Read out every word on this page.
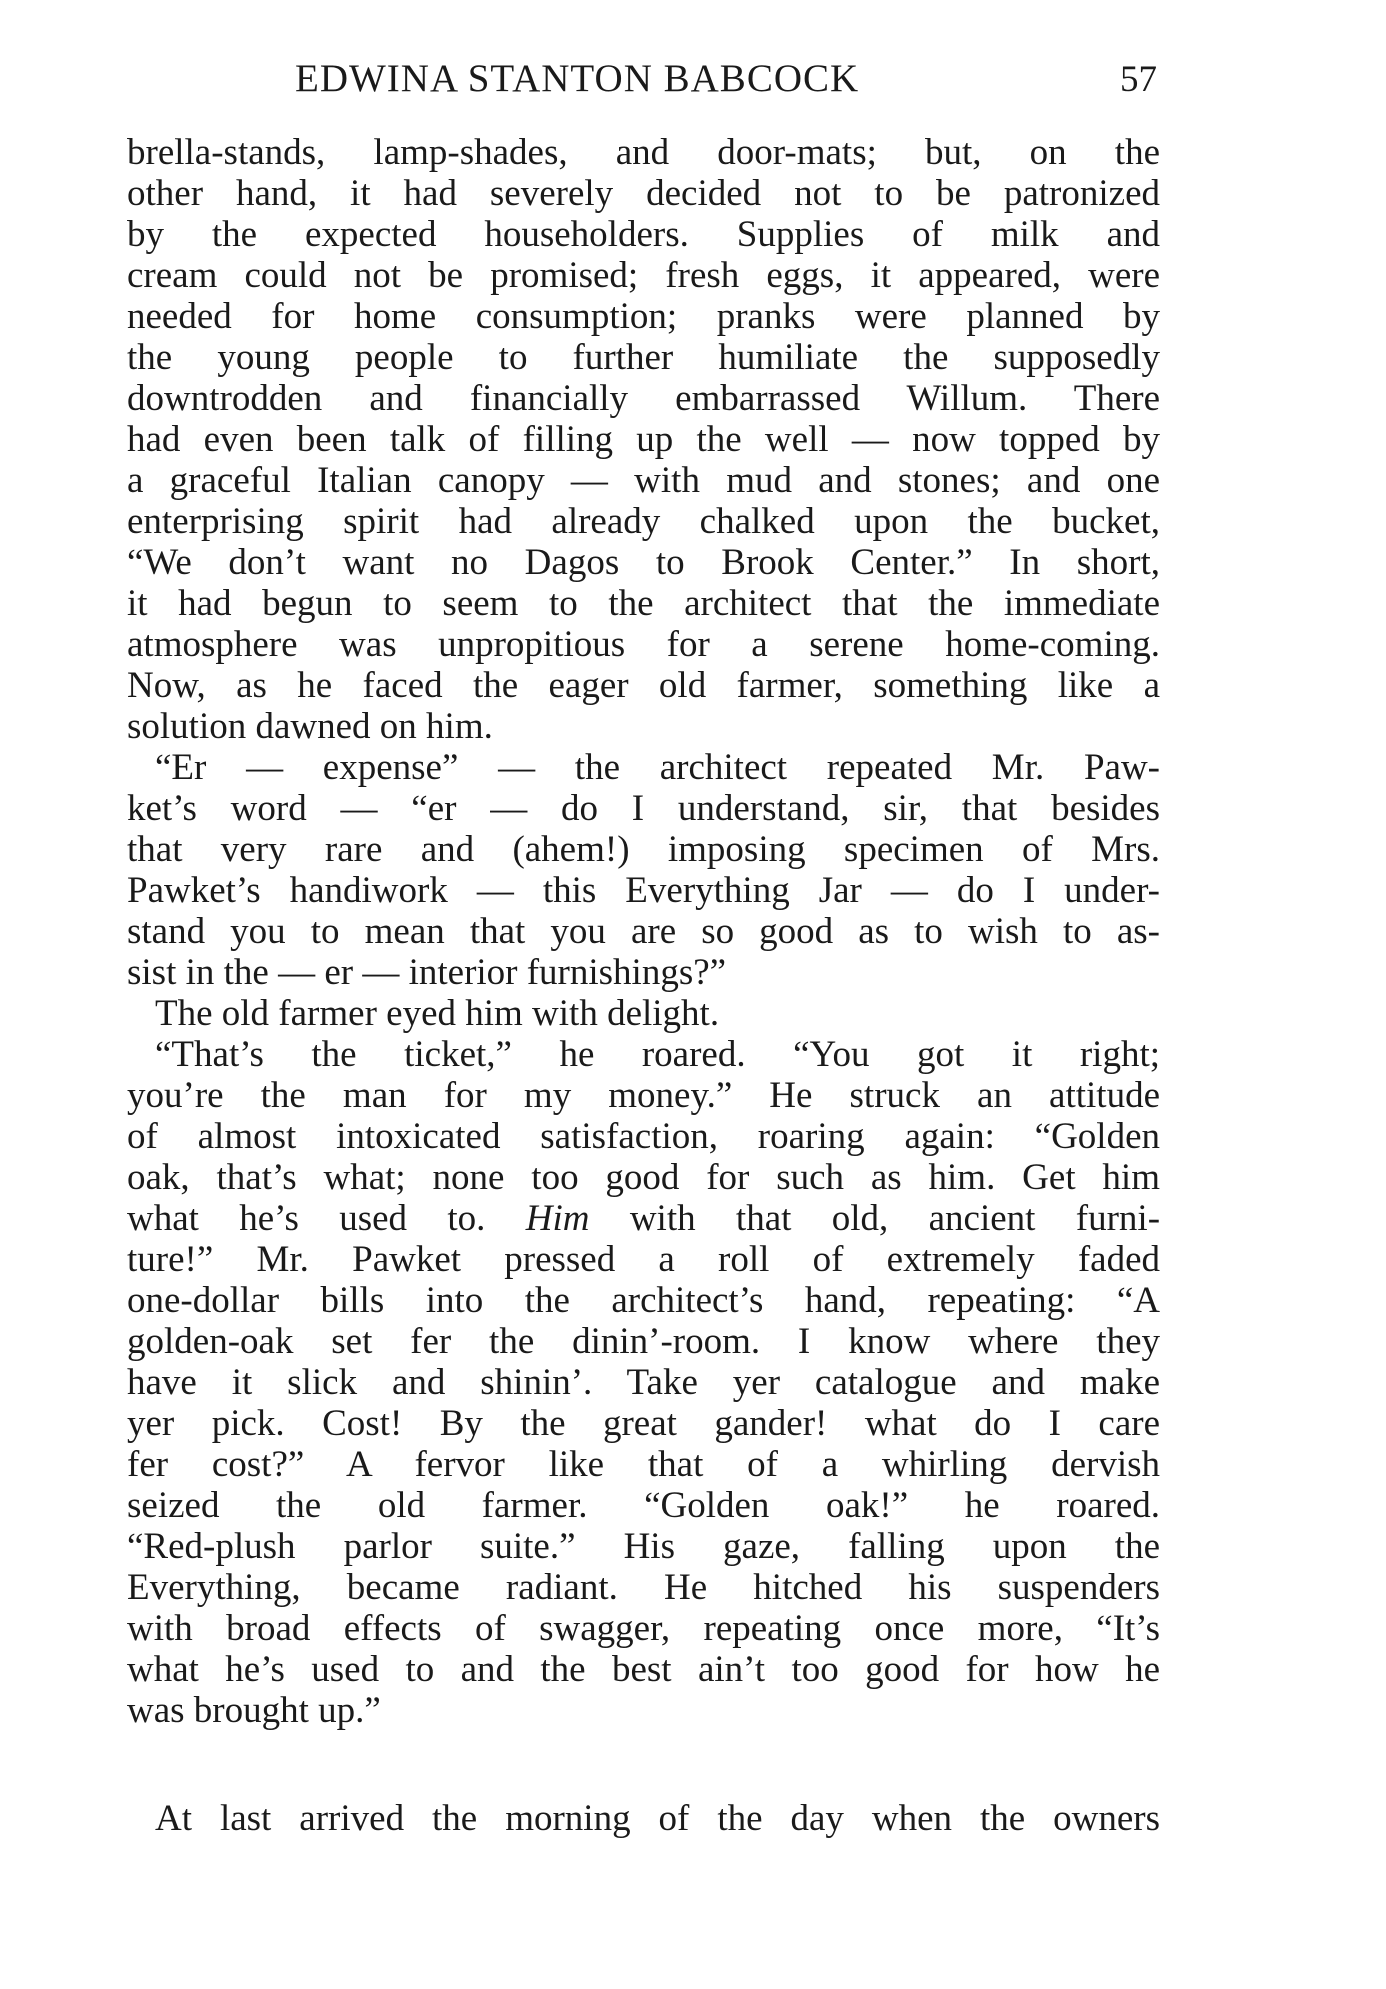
EDWINA STANTON BABCOCK	57
brella-stands, lamp-shades, and door-mats; but, on the
other hand, it had severely decided not to be patronized
by the expected householders. Supplies of milk and
cream could not be promised; fresh eggs, it appeared, were
needed for home consumption; pranks were planned by
the young people to further humiliate the supposedly
downtrodden and financially embarrassed Willum. There
had even been talk of filling up the well — now topped by
a graceful Italian canopy — with mud and stones; and one
enterprising spirit had already chalked upon the bucket,
“We don’t want no Dagos to Brook Center.” In short,
it had begun to seem to the architect that the immediate
atmosphere was unpropitious for a serene home-coming.
Now, as he faced the eager old farmer, something like a
solution dawned on him.
“Er — expense” — the architect repeated Mr. Paw-
ket’s word — “er — do I understand, sir, that besides
that very rare and (ahem!) imposing specimen of Mrs.
Pawket’s handiwork — this Everything Jar — do I under-
stand you to mean that you are so good as to wish to as-
sist in the — er — interior furnishings?”
The old farmer eyed him with delight.
“That’s the ticket,” he roared. “You got it right;
you’re the man for my money.” He struck an attitude
of almost intoxicated satisfaction, roaring again: “Golden
oak, that’s what; none too good for such as him. Get him
what he’s used to. Him with that old, ancient furni-
ture!” Mr. Pawket pressed a roll of extremely faded
one-dollar bills into the architect’s hand, repeating: “A
golden-oak set fer the dinin’-room. I know where they
have it slick and shinin’. Take yer catalogue and make
yer pick. Cost! By the great gander! what do I care
fer cost?” A fervor like that of a whirling dervish
seized the old farmer. “Golden oak!” he roared.
“Red-plush parlor suite.” His gaze, falling upon the
Everything, became radiant. He hitched his suspenders
with broad effects of swagger, repeating once more, “It’s
what he’s used to and the best ain’t too good for how he
was brought up.”
At last arrived the morning of the day when the owners
